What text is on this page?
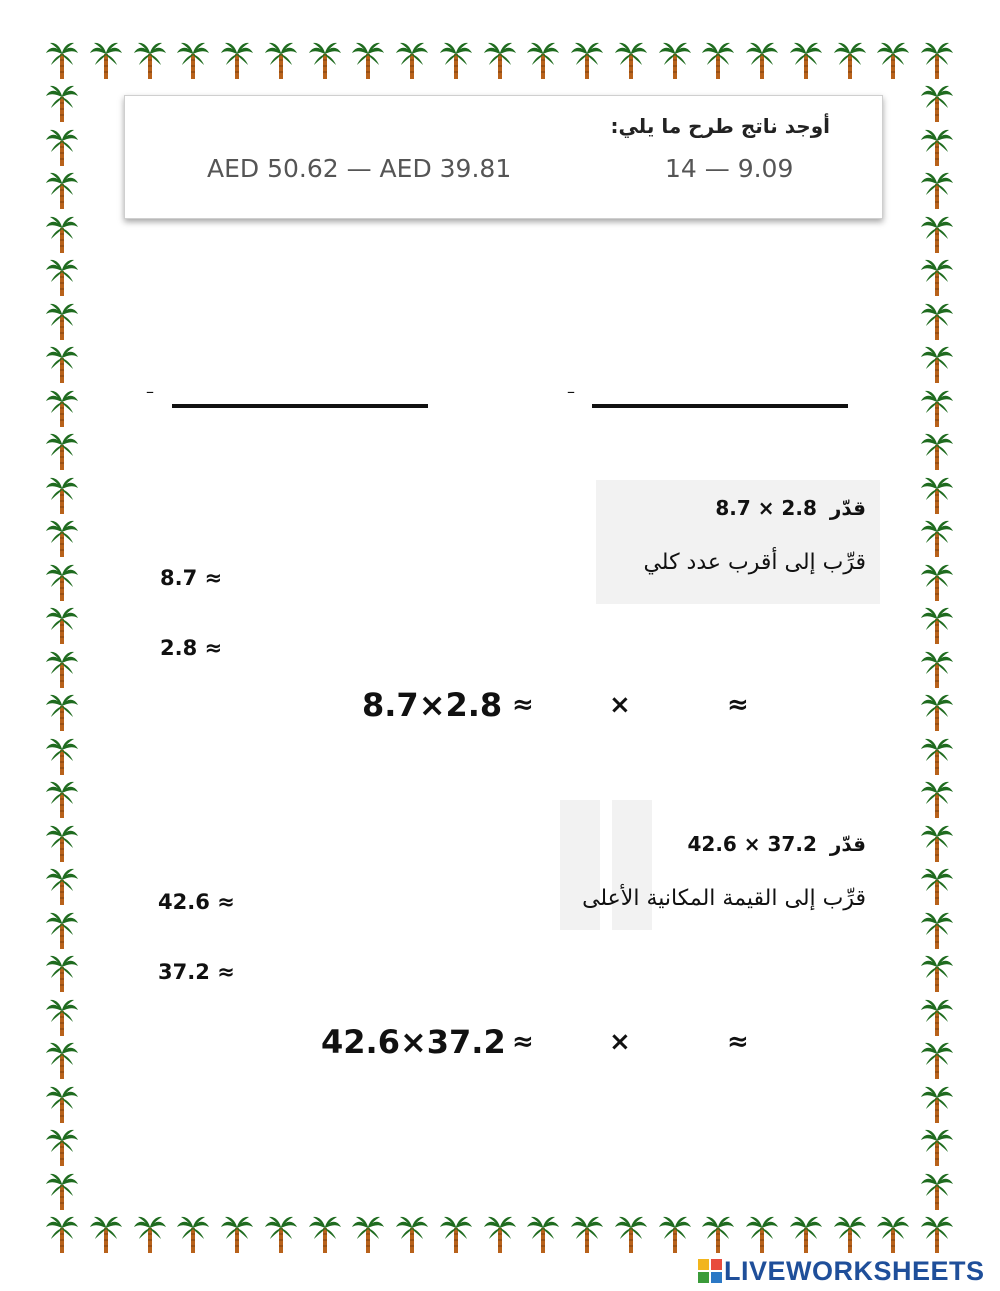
أوجد ناتج طرح ما يلي:
14 — 9.09
AED 50.62 — AED 39.81
–	–
8.7 × 2.8 قدّر
قرِّب إلى أقرب عدد كلي
8.7 ≈
2.8 ≈
8.7×2.8 ≈	×	≈
42.6 × 37.2 قدّر
قرِّب إلى القيمة المكانية الأعلى
42.6 ≈
37.2 ≈
42.6×37.2 ≈	×	≈
LIVEWORKSHEETS
